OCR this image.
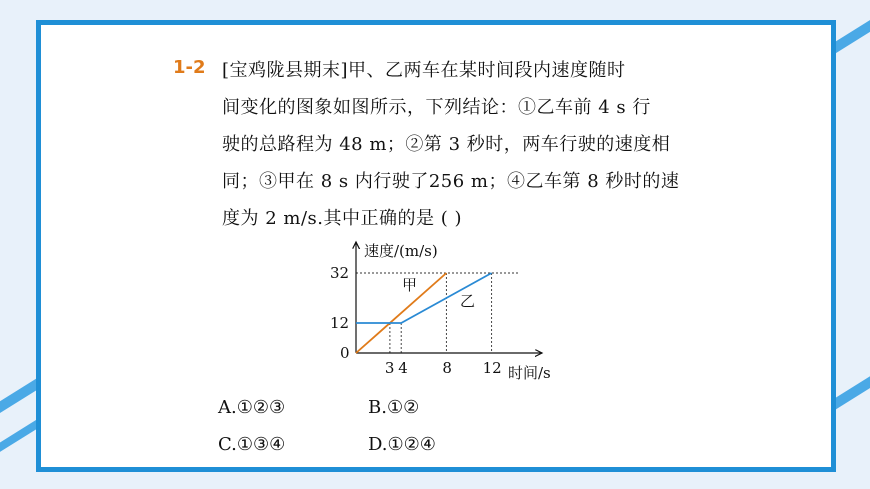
1-2 [宝鸡陇县期末]甲、乙两车在某时间段内速度随时
间变化的图象如图所示，下列结论：①乙车前 4 s 行
驶的总路程为 48 m；②第 3 秒时，两车行驶的速度相
同；③甲在 8 s 内行驶了256 m；④乙车第 8 秒时的速
度为 2 m/s.其中正确的是 ( )
3 4 8 12
12
32
速度/(m/s)
时间/s
0
甲
乙
A.①②③	B.①②
C.①③④	D.①②④
